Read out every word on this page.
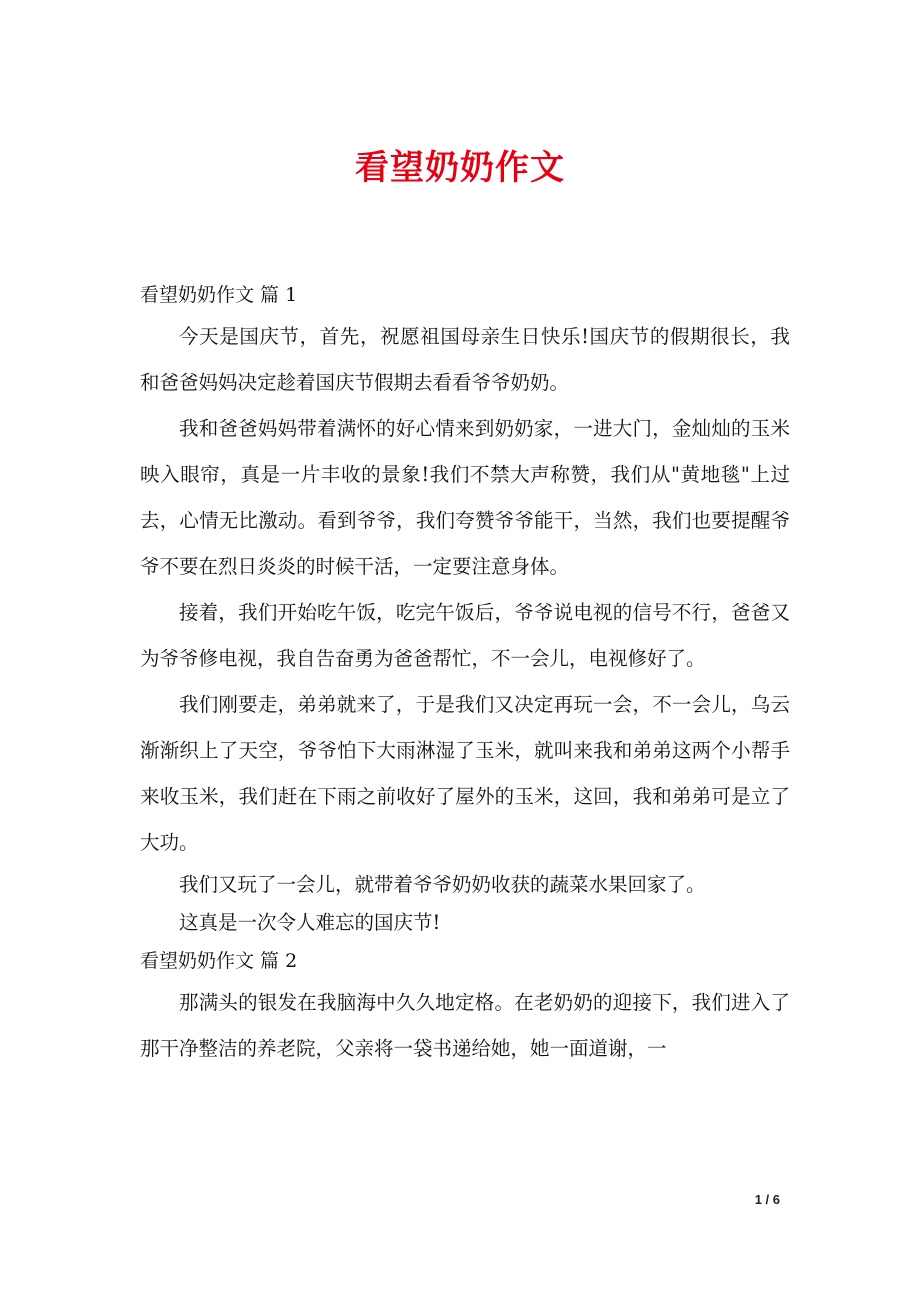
看望奶奶作文

看望奶奶作文 篇 1

今天是国庆节，首先，祝愿祖国母亲生日快乐!国庆节的假期很长，我和爸爸妈妈决定趁着国庆节假期去看看爷爷奶奶。

我和爸爸妈妈带着满怀的好心情来到奶奶家，一进大门，金灿灿的玉米映入眼帘，真是一片丰收的景象!我们不禁大声称赞，我们从"黄地毯"上过去，心情无比激动。看到爷爷，我们夸赞爷爷能干，当然，我们也要提醒爷爷不要在烈日炎炎的时候干活，一定要注意身体。

接着，我们开始吃午饭，吃完午饭后，爷爷说电视的信号不行，爸爸又为爷爷修电视，我自告奋勇为爸爸帮忙，不一会儿，电视修好了。

我们刚要走，弟弟就来了，于是我们又决定再玩一会，不一会儿，乌云渐渐织上了天空，爷爷怕下大雨淋湿了玉米，就叫来我和弟弟这两个小帮手来收玉米，我们赶在下雨之前收好了屋外的玉米，这回，我和弟弟可是立了大功。

我们又玩了一会儿，就带着爷爷奶奶收获的蔬菜水果回家了。

这真是一次令人难忘的国庆节!

看望奶奶作文 篇 2

那满头的银发在我脑海中久久地定格。在老奶奶的迎接下，我们进入了那干净整洁的养老院，父亲将一袋书递给她，她一面道谢，一

1 / 6
